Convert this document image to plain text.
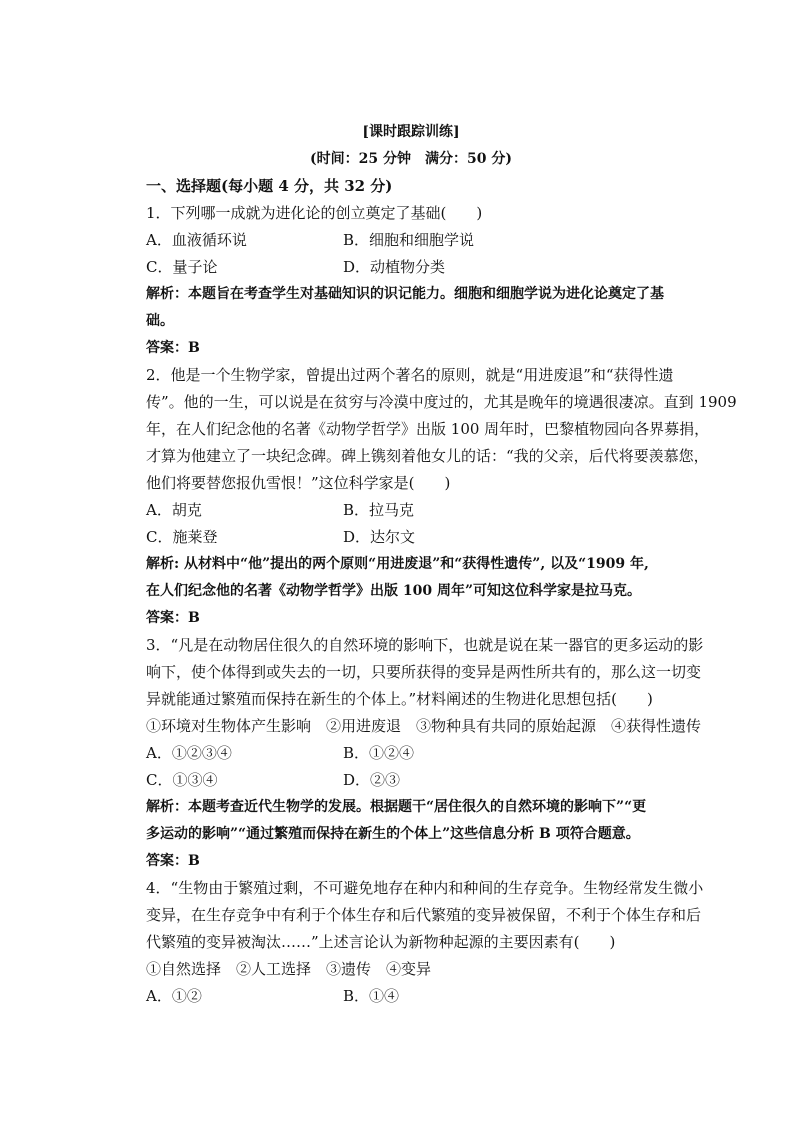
[课时跟踪训练]
(时间：25 分钟　满分：50 分)
一、选择题(每小题 4 分，共 32 分)
1．下列哪一成就为进化论的创立奠定了基础(　　)
A．血液循环说	B．细胞和细胞学说
C．量子论	D．动植物分类
解析：本题旨在考查学生对基础知识的识记能力。细胞和细胞学说为进化论奠定了基
础。
答案：B
2．他是一个生物学家，曾提出过两个著名的原则，就是“用进废退”和“获得性遗
传”。他的一生，可以说是在贫穷与冷漠中度过的，尤其是晚年的境遇很凄凉。直到 1909
年，在人们纪念他的名著《动物学哲学》出版 100 周年时，巴黎植物园向各界募捐，
才算为他建立了一块纪念碑。碑上镌刻着他女儿的话：“我的父亲，后代将要羡慕您，
他们将要替您报仇雪恨！”这位科学家是(　　)
A．胡克	B．拉马克
C．施莱登	D．达尔文
解析: 从材料中“他”提出的两个原则“用进废退”和“获得性遗传”, 以及“1909 年,
在人们纪念他的名著《动物学哲学》出版 100 周年”可知这位科学家是拉马克。
答案：B
3．“凡是在动物居住很久的自然环境的影响下，也就是说在某一器官的更多运动的影
响下，使个体得到或失去的一切，只要所获得的变异是两性所共有的，那么这一切变
异就能通过繁殖而保持在新生的个体上。”材料阐述的生物进化思想包括(　　)
①环境对生物体产生影响　②用进废退　③物种具有共同的原始起源　④获得性遗传
A．①②③④	B．①②④
C．①③④	D．②③
解析：本题考查近代生物学的发展。根据题干“居住很久的自然环境的影响下”“更
多运动的影响”“通过繁殖而保持在新生的个体上”这些信息分析 B 项符合题意。
答案：B
4．“生物由于繁殖过剩，不可避免地存在种内和种间的生存竞争。生物经常发生微小
变异，在生存竞争中有利于个体生存和后代繁殖的变异被保留，不利于个体生存和后
代繁殖的变异被淘汰……”上述言论认为新物种起源的主要因素有(　　)
①自然选择　②人工选择　③遗传　④变异
A．①②	B．①④
